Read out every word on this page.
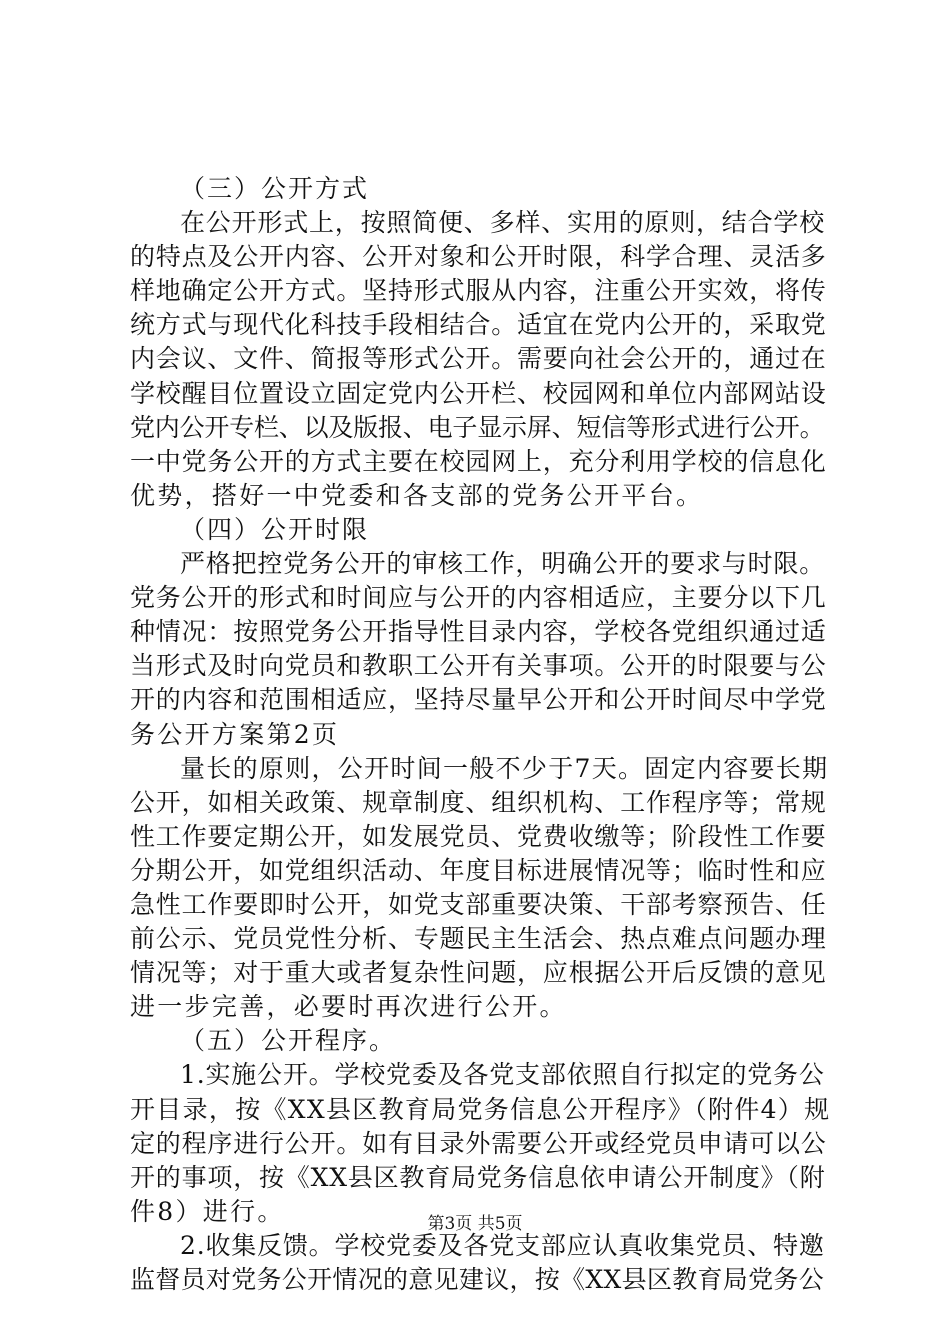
（三）公开方式
在公开形式上，按照简便、多样、实用的原则，结合学校
的特点及公开内容、公开对象和公开时限，科学合理、灵活多
样地确定公开方式。坚持形式服从内容，注重公开实效，将传
统方式与现代化科技手段相结合。适宜在党内公开的，采取党
内会议、文件、简报等形式公开。需要向社会公开的，通过在
学校醒目位置设立固定党内公开栏、校园网和单位内部网站设
党内公开专栏、以及版报、电子显示屏、短信等形式进行公开。
一中党务公开的方式主要在校园网上，充分利用学校的信息化
优势，搭好一中党委和各支部的党务公开平台。
（四）公开时限
严格把控党务公开的审核工作，明确公开的要求与时限。
党务公开的形式和时间应与公开的内容相适应，主要分以下几
种情况：按照党务公开指导性目录内容，学校各党组织通过适
当形式及时向党员和教职工公开有关事项。公开的时限要与公
开的内容和范围相适应，坚持尽量早公开和公开时间尽中学党
务公开方案第2页
量长的原则，公开时间一般不少于7天。固定内容要长期
公开，如相关政策、规章制度、组织机构、工作程序等；常规
性工作要定期公开，如发展党员、党费收缴等；阶段性工作要
分期公开，如党组织活动、年度目标进展情况等；临时性和应
急性工作要即时公开，如党支部重要决策、干部考察预告、任
前公示、党员党性分析、专题民主生活会、热点难点问题办理
情况等；对于重大或者复杂性问题，应根据公开后反馈的意见
进一步完善，必要时再次进行公开。
（五）公开程序。
1.实施公开。学校党委及各党支部依照自行拟定的党务公
开目录，按《XX县区教育局党务信息公开程序》（附件4）规
定的程序进行公开。如有目录外需要公开或经党员申请可以公
开的事项，按《XX县区教育局党务信息依申请公开制度》（附
件8）进行。
2.收集反馈。学校党委及各党支部应认真收集党员、特邀
监督员对党务公开情况的意见建议，按《XX县区教育局党务公
第3页 共5页
